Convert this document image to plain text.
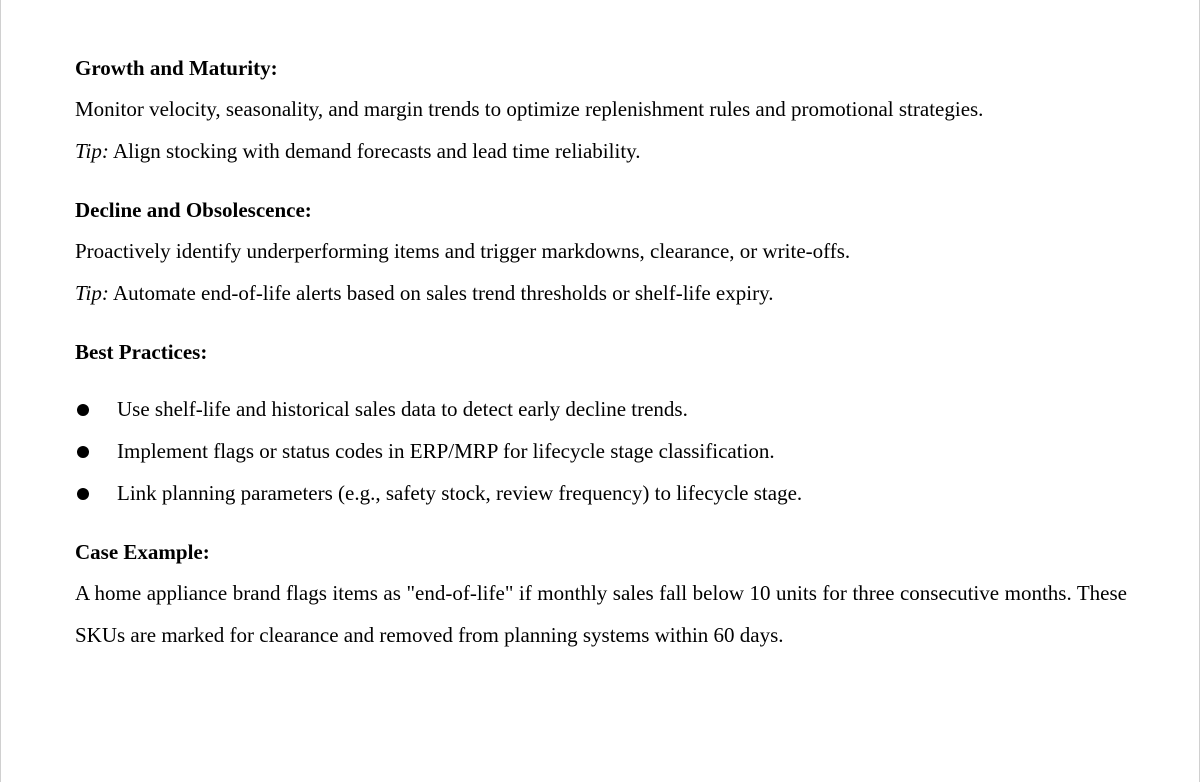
Growth and Maturity:

Monitor velocity, seasonality, and margin trends to optimize replenishment rules and promotional strategies.

Tip: Align stocking with demand forecasts and lead time reliability.

Decline and Obsolescence:

Proactively identify underperforming items and trigger markdowns, clearance, or write-offs.

Tip: Automate end-of-life alerts based on sales trend thresholds or shelf-life expiry.

Best Practices:
Use shelf-life and historical sales data to detect early decline trends.
Implement flags or status codes in ERP/MRP for lifecycle stage classification.
Link planning parameters (e.g., safety stock, review frequency) to lifecycle stage.
Case Example:

A home appliance brand flags items as "end-of-life" if monthly sales fall below 10 units for three consecutive months. These SKUs are marked for clearance and removed from planning systems within 60 days.
